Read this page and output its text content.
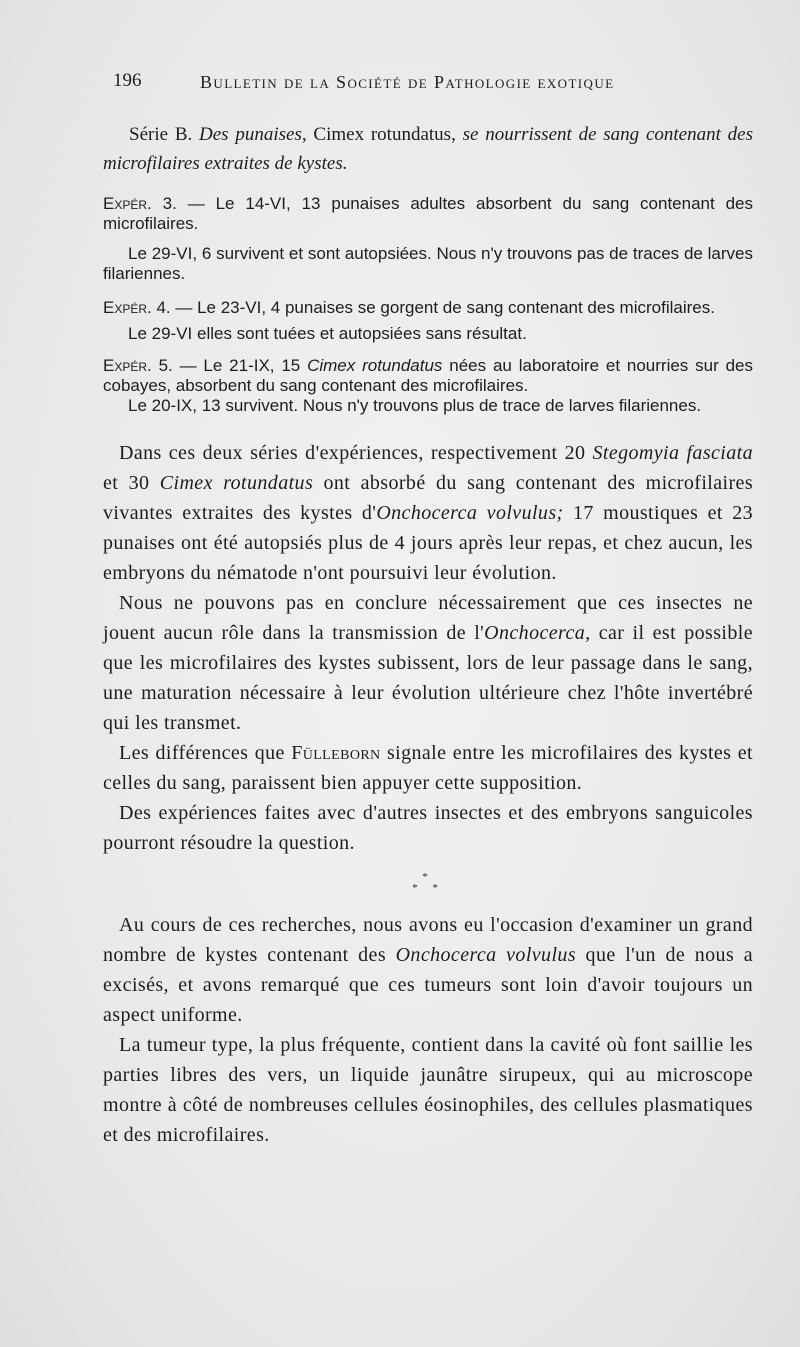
196	Bulletin de la Société de Pathologie exotique

Série B. Des punaises, Cimex rotundatus, se nourrissent de sang contenant des microfilaires extraites de kystes.

Expér. 3. — Le 14-VI, 13 punaises adultes absorbent du sang contenant des microfilaires.

Le 29-VI, 6 survivent et sont autopsiées. Nous n'y trouvons pas de traces de larves filariennes.

Expér. 4. — Le 23-VI, 4 punaises se gorgent de sang contenant des microfilaires.

Le 29-VI elles sont tuées et autopsiées sans résultat.

Expér. 5. — Le 21-IX, 15 Cimex rotundatus nées au laboratoire et nourries sur des cobayes, absorbent du sang contenant des microfilaires.

Le 20-IX, 13 survivent. Nous n'y trouvons plus de trace de larves filariennes.

Dans ces deux séries d'expériences, respectivement 20 Stegomyia fasciata et 30 Cimex rotundatus ont absorbé du sang contenant des microfilaires vivantes extraites des kystes d'Onchocerca volvulus; 17 moustiques et 23 punaises ont été autopsiés plus de 4 jours après leur repas, et chez aucun, les embryons du nématode n'ont poursuivi leur évolution.

Nous ne pouvons pas en conclure nécessairement que ces insectes ne jouent aucun rôle dans la transmission de l'Onchocerca, car il est possible que les microfilaires des kystes subissent, lors de leur passage dans le sang, une maturation nécessaire à leur évolution ultérieure chez l'hôte invertébré qui les transmet.

Les différences que Fülleborn signale entre les microfilaires des kystes et celles du sang, paraissent bien appuyer cette supposition.

Des expériences faites avec d'autres insectes et des embryons sanguicoles pourront résoudre la question.

*
* *

Au cours de ces recherches, nous avons eu l'occasion d'examiner un grand nombre de kystes contenant des Onchocerca volvulus que l'un de nous a excisés, et avons remarqué que ces tumeurs sont loin d'avoir toujours un aspect uniforme.

La tumeur type, la plus fréquente, contient dans la cavité où font saillie les parties libres des vers, un liquide jaunâtre sirupeux, qui au microscope montre à côté de nombreuses cellules éosinophiles, des cellules plasmatiques et des microfilaires.
